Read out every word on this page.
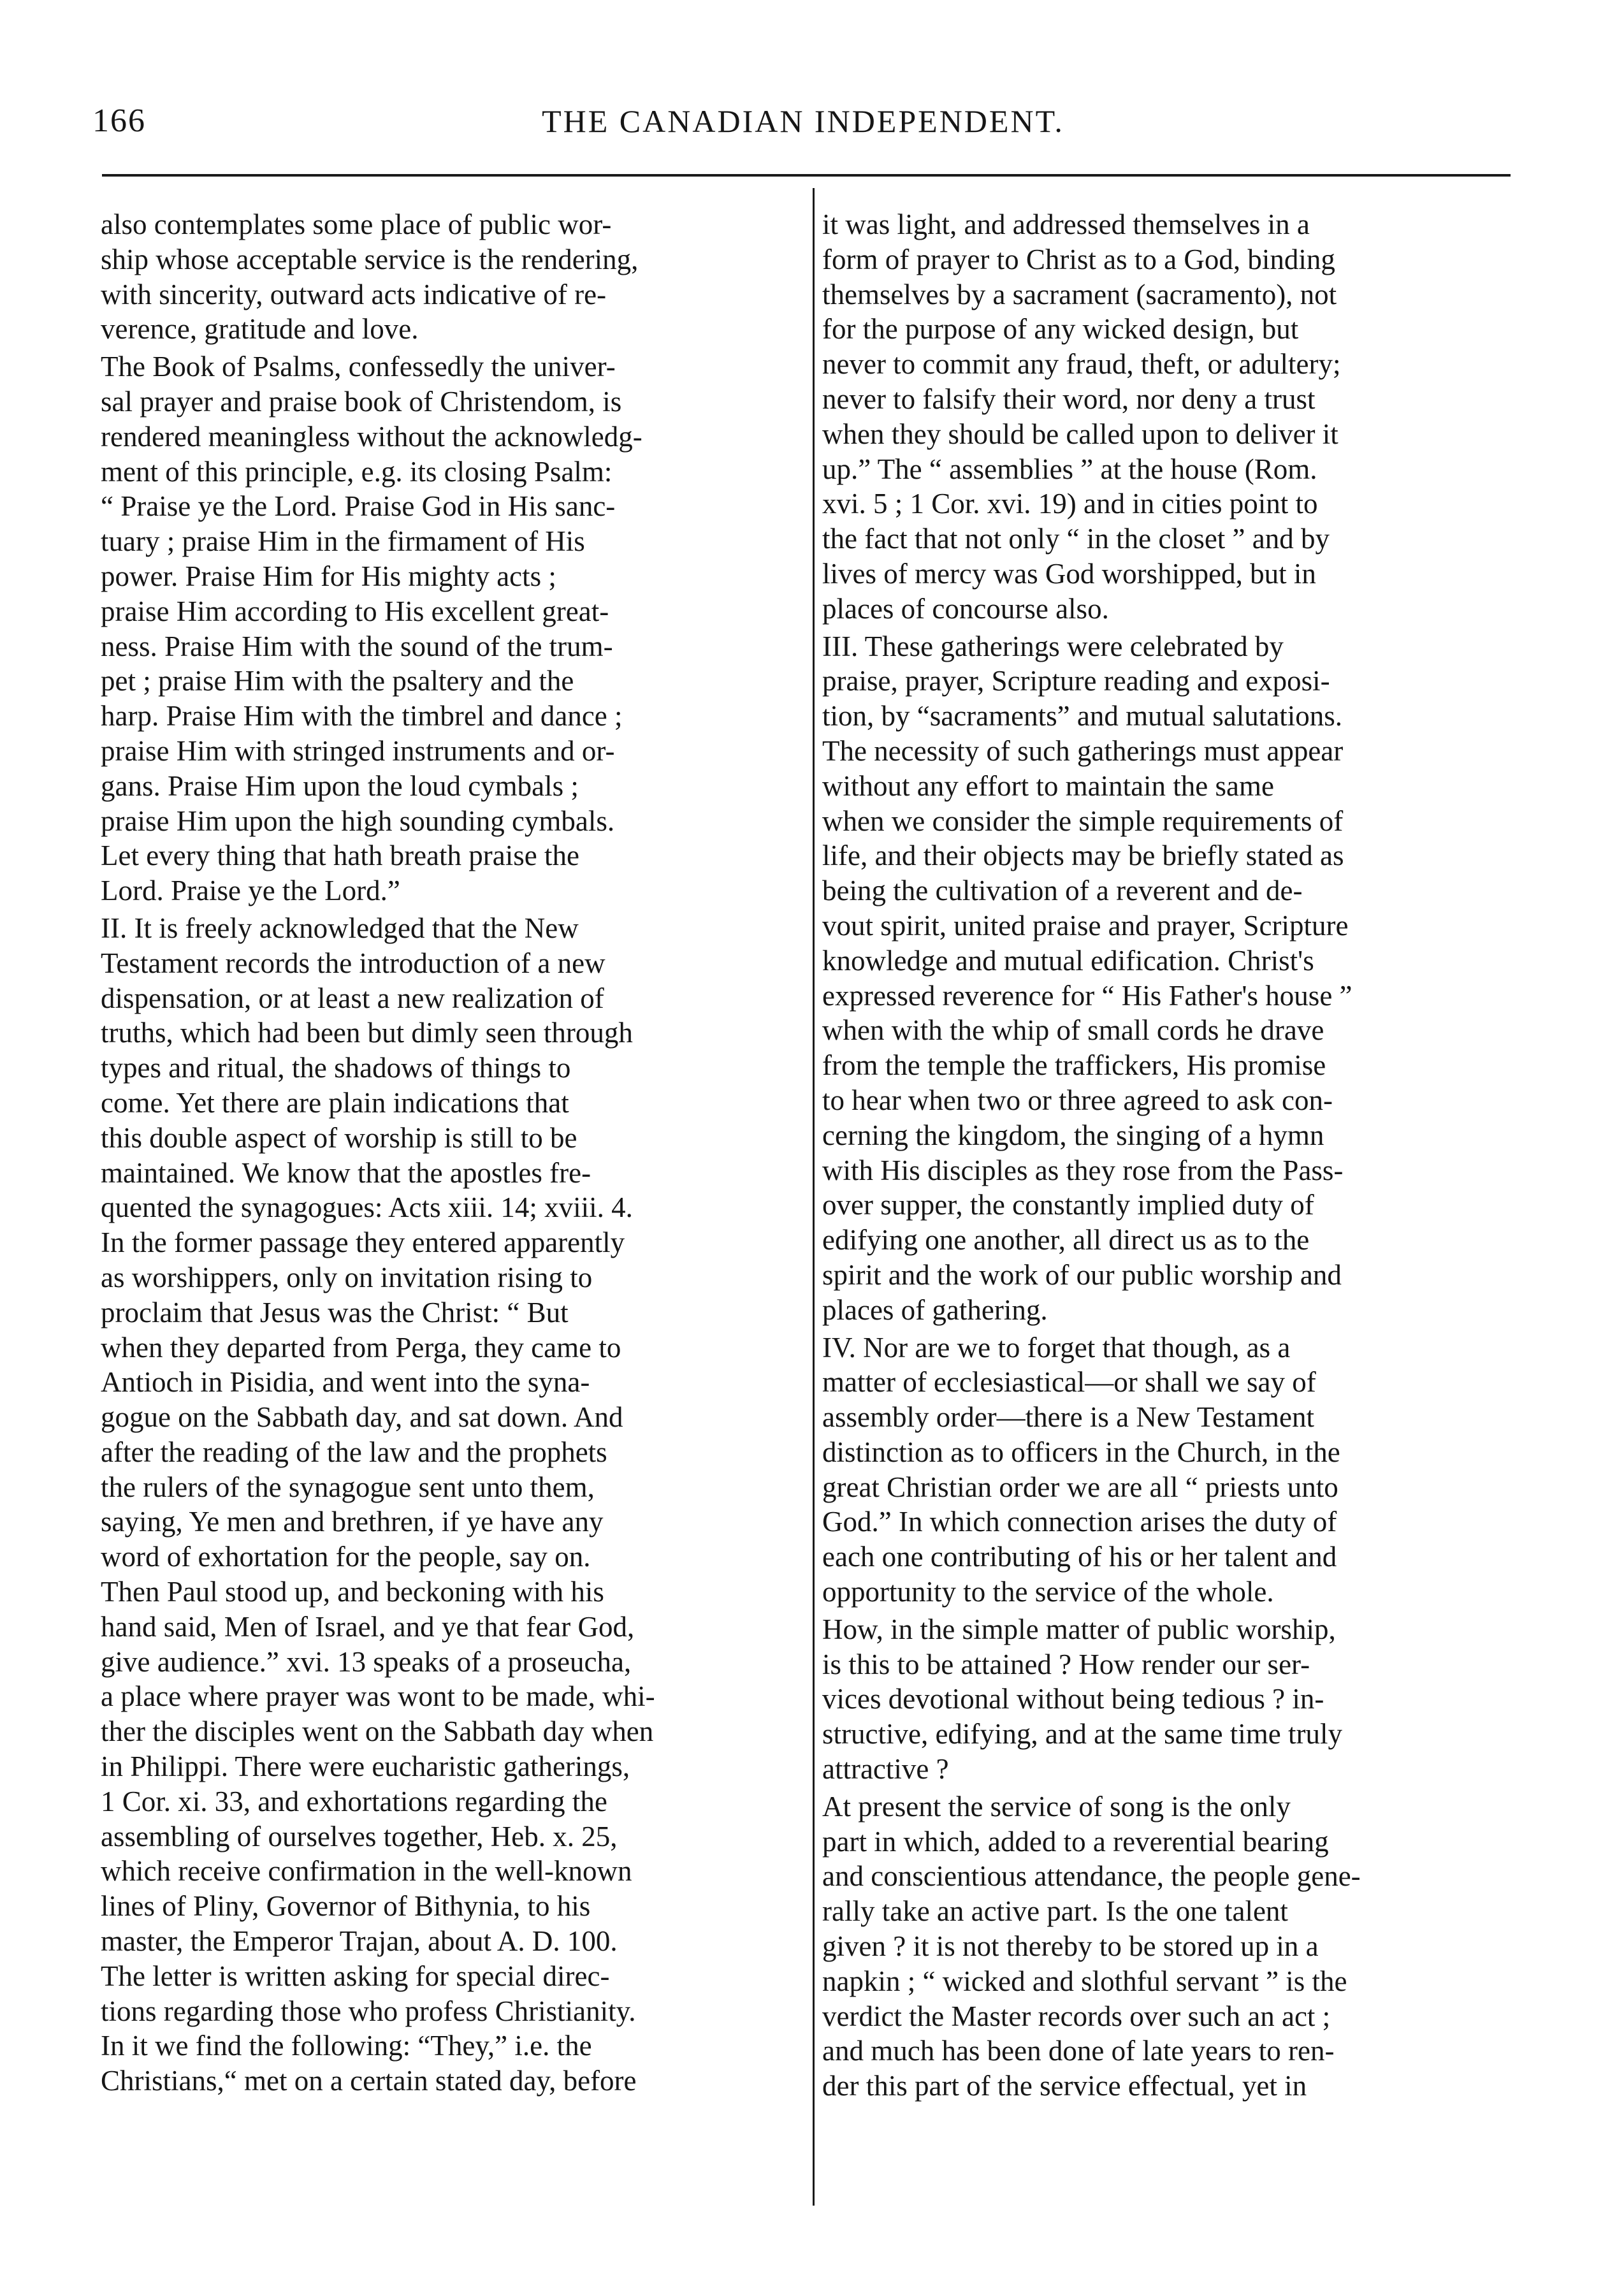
166	THE CANADIAN INDEPENDENT.
also contemplates some place of public wor-
ship whose acceptable service is the rendering,
with sincerity, outward acts indicative of re-
verence, gratitude and love.
The Book of Psalms, confessedly the univer-
sal prayer and praise book of Christendom, is
rendered meaningless without the acknowledg-
ment of this principle, e.g. its closing Psalm:
“ Praise ye the Lord. Praise God in His sanc-
tuary ; praise Him in the firmament of His
power. Praise Him for His mighty acts ;
praise Him according to His excellent great-
ness. Praise Him with the sound of the trum-
pet ; praise Him with the psaltery and the
harp. Praise Him with the timbrel and dance ;
praise Him with stringed instruments and or-
gans. Praise Him upon the loud cymbals ;
praise Him upon the high sounding cymbals.
Let every thing that hath breath praise the
Lord. Praise ye the Lord.”
II. It is freely acknowledged that the New
Testament records the introduction of a new
dispensation, or at least a new realization of
truths, which had been but dimly seen through
types and ritual, the shadows of things to
come. Yet there are plain indications that
this double aspect of worship is still to be
maintained. We know that the apostles fre-
quented the synagogues: Acts xiii. 14; xviii. 4.
In the former passage they entered apparently
as worshippers, only on invitation rising to
proclaim that Jesus was the Christ: “ But
when they departed from Perga, they came to
Antioch in Pisidia, and went into the syna-
gogue on the Sabbath day, and sat down. And
after the reading of the law and the prophets
the rulers of the synagogue sent unto them,
saying, Ye men and brethren, if ye have any
word of exhortation for the people, say on.
Then Paul stood up, and beckoning with his
hand said, Men of Israel, and ye that fear God,
give audience.” xvi. 13 speaks of a proseucha,
a place where prayer was wont to be made, whi-
ther the disciples went on the Sabbath day when
in Philippi. There were eucharistic gatherings,
1 Cor. xi. 33, and exhortations regarding the
assembling of ourselves together, Heb. x. 25,
which receive confirmation in the well-known
lines of Pliny, Governor of Bithynia, to his
master, the Emperor Trajan, about A. D. 100.
The letter is written asking for special direc-
tions regarding those who profess Christianity.
In it we find the following: “They,” i.e. the
Christians,“ met on a certain stated day, before
it was light, and addressed themselves in a
form of prayer to Christ as to a God, binding
themselves by a sacrament (sacramento), not
for the purpose of any wicked design, but
never to commit any fraud, theft, or adultery;
never to falsify their word, nor deny a trust
when they should be called upon to deliver it
up.” The “ assemblies ” at the house (Rom.
xvi. 5 ; 1 Cor. xvi. 19) and in cities point to
the fact that not only “ in the closet ” and by
lives of mercy was God worshipped, but in
places of concourse also.
III. These gatherings were celebrated by
praise, prayer, Scripture reading and exposi-
tion, by “sacraments” and mutual salutations.
The necessity of such gatherings must appear
without any effort to maintain the same
when we consider the simple requirements of
life, and their objects may be briefly stated as
being the cultivation of a reverent and de-
vout spirit, united praise and prayer, Scripture
knowledge and mutual edification. Christ's
expressed reverence for “ His Father's house ”
when with the whip of small cords he drave
from the temple the traffickers, His promise
to hear when two or three agreed to ask con-
cerning the kingdom, the singing of a hymn
with His disciples as they rose from the Pass-
over supper, the constantly implied duty of
edifying one another, all direct us as to the
spirit and the work of our public worship and
places of gathering.
IV. Nor are we to forget that though, as a
matter of ecclesiastical—or shall we say of
assembly order—there is a New Testament
distinction as to officers in the Church, in the
great Christian order we are all “ priests unto
God.” In which connection arises the duty of
each one contributing of his or her talent and
opportunity to the service of the whole.
How, in the simple matter of public worship,
is this to be attained ? How render our ser-
vices devotional without being tedious ? in-
structive, edifying, and at the same time truly
attractive ?
At present the service of song is the only
part in which, added to a reverential bearing
and conscientious attendance, the people gene-
rally take an active part. Is the one talent
given ? it is not thereby to be stored up in a
napkin ; “ wicked and slothful servant ” is the
verdict the Master records over such an act ;
and much has been done of late years to ren-
der this part of the service effectual, yet in
